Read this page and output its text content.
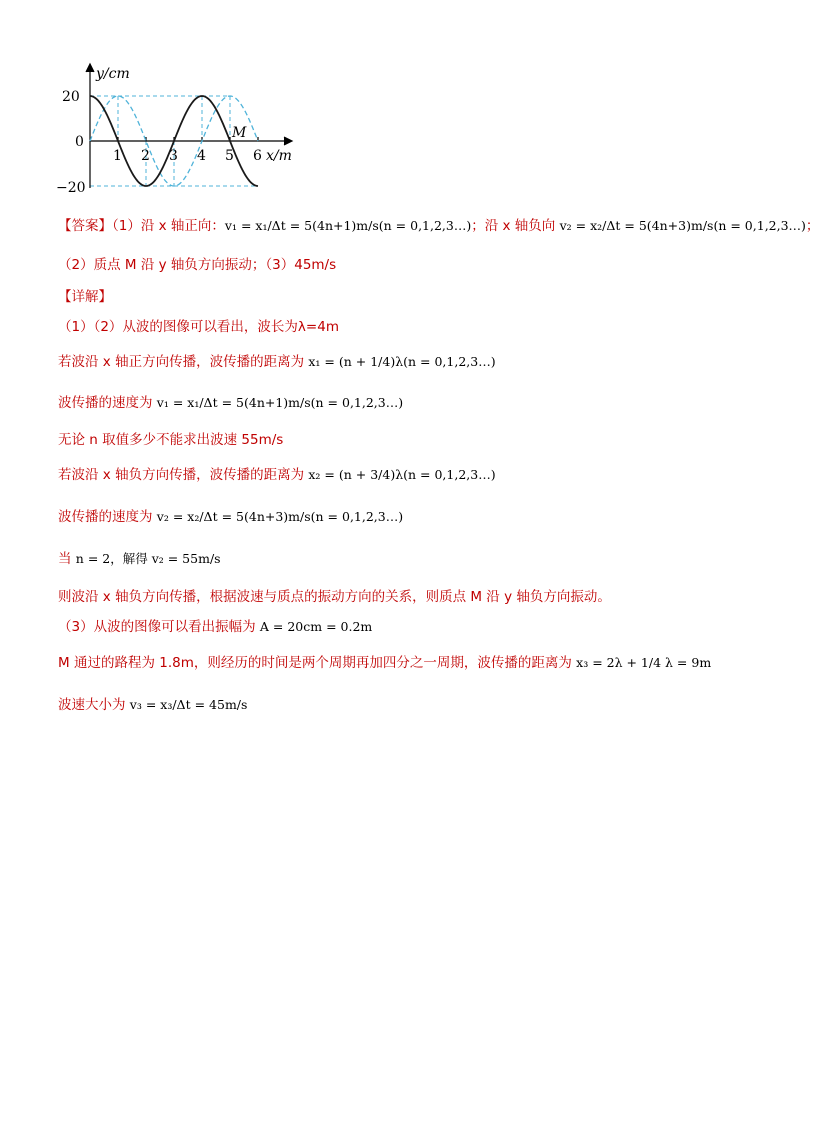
y/cm
20
0
−20
1 2 3 4 5 6 x/m
M
【答案】（1）沿 x 轴正向：v₁ = x₁/Δt = 5(4n+1)m/s(n = 0,1,2,3…)；沿 x 轴负向 v₂ = x₂/Δt = 5(4n+3)m/s(n = 0,1,2,3…)；
（2）质点 M 沿 y 轴负方向振动；（3）45m/s
【详解】
（1）（2）从波的图像可以看出，波长为λ=4m
若波沿 x 轴正方向传播，波传播的距离为 x₁ = (n + 1/4)λ(n = 0,1,2,3…)
波传播的速度为 v₁ = x₁/Δt = 5(4n+1)m/s(n = 0,1,2,3…)
无论 n 取值多少不能求出波速 55m/s
若波沿 x 轴负方向传播，波传播的距离为 x₂ = (n + 3/4)λ(n = 0,1,2,3…)
波传播的速度为 v₂ = x₂/Δt = 5(4n+3)m/s(n = 0,1,2,3…)
当 n = 2，解得 v₂ = 55m/s
则波沿 x 轴负方向传播，根据波速与质点的振动方向的关系，则质点 M 沿 y 轴负方向振动。
（3）从波的图像可以看出振幅为 A = 20cm = 0.2m
M 通过的路程为 1.8m，则经历的时间是两个周期再加四分之一周期，波传播的距离为 x₃ = 2λ + 1/4 λ = 9m
波速大小为 v₃ = x₃/Δt = 45m/s
